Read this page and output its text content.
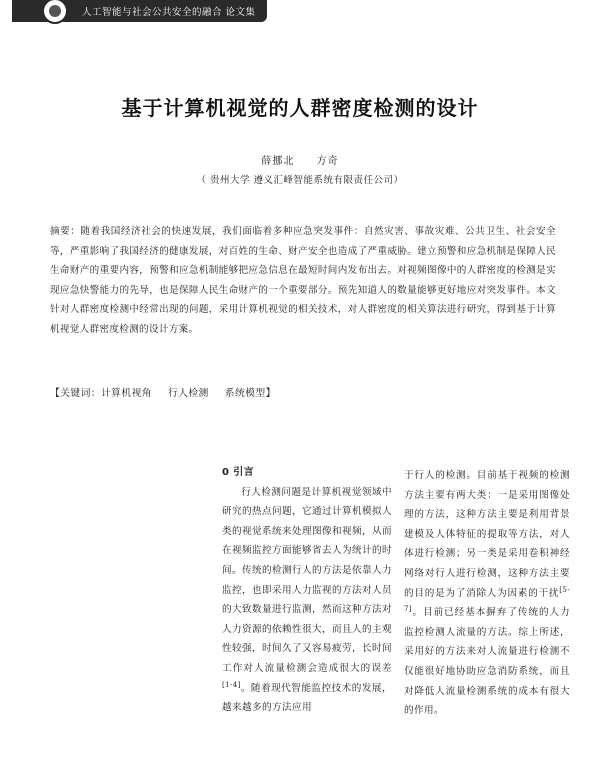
人工智能与社会公共安全的融合 论文集
基于计算机视觉的人群密度检测的设计
薛挪北 方奇
（ 贵州大学 遵义汇峰智能系统有限责任公司）
摘要：随着我国经济社会的快速发展，我们面临着多种应急突发事件：自然灾害、事故灾难、公共卫生、社会安全等，严重影响了我国经济的健康发展，对百姓的生命、财产安全也造成了严重威胁。建立预警和应急机制是保障人民生命财产的重要内容，预警和应急机制能够把应急信息在最短时间内发布出去。对视频图像中的人群密度的检测是实现应急快警能力的先导，也是保障人民生命财产的一个重要部分。预先知道人的数量能够更好地应对突发事件。本文针对人群密度检测中经常出现的问题，采用计算机视觉的相关技术，对人群密度的相关算法进行研究，得到基于计算机视觉人群密度检测的设计方案。
【关键词：计算机视角 行人检测 系统模型】
0 引言
行人检测问题是计算机视觉领域中研究的热点问题，它通过计算机模拟人类的视觉系统来处理图像和视频，从而在视频监控方面能够省去人为统计的时间。传统的检测行人的方法是依靠人力监控，也即采用人力监视的方法对人员的大致数量进行监测，然而这种方法对人力资源的依赖性很大，而且人的主观性较强，时间久了又容易疲劳，长时间工作对人流量检测会造成很大的误差[1-4]。随着现代智能监控技术的发展，越来越多的方法应用
于行人的检测。目前基于视频的检测方法主要有两大类：一是采用图像处理的方法，这种方法主要是利用背景建模及人体特征的提取等方法，对人体进行检测；另一类是采用卷积神经网络对行人进行检测，这种方法主要的目的是为了消除人为因素的干扰[5-7]。目前已经基本摒弃了传统的人力监控检测人流量的方法。综上所述，采用好的方法来对人流量进行检测不仅能很好地协助应急消防系统，而且对降低人流量检测系统的成本有很大的作用。
